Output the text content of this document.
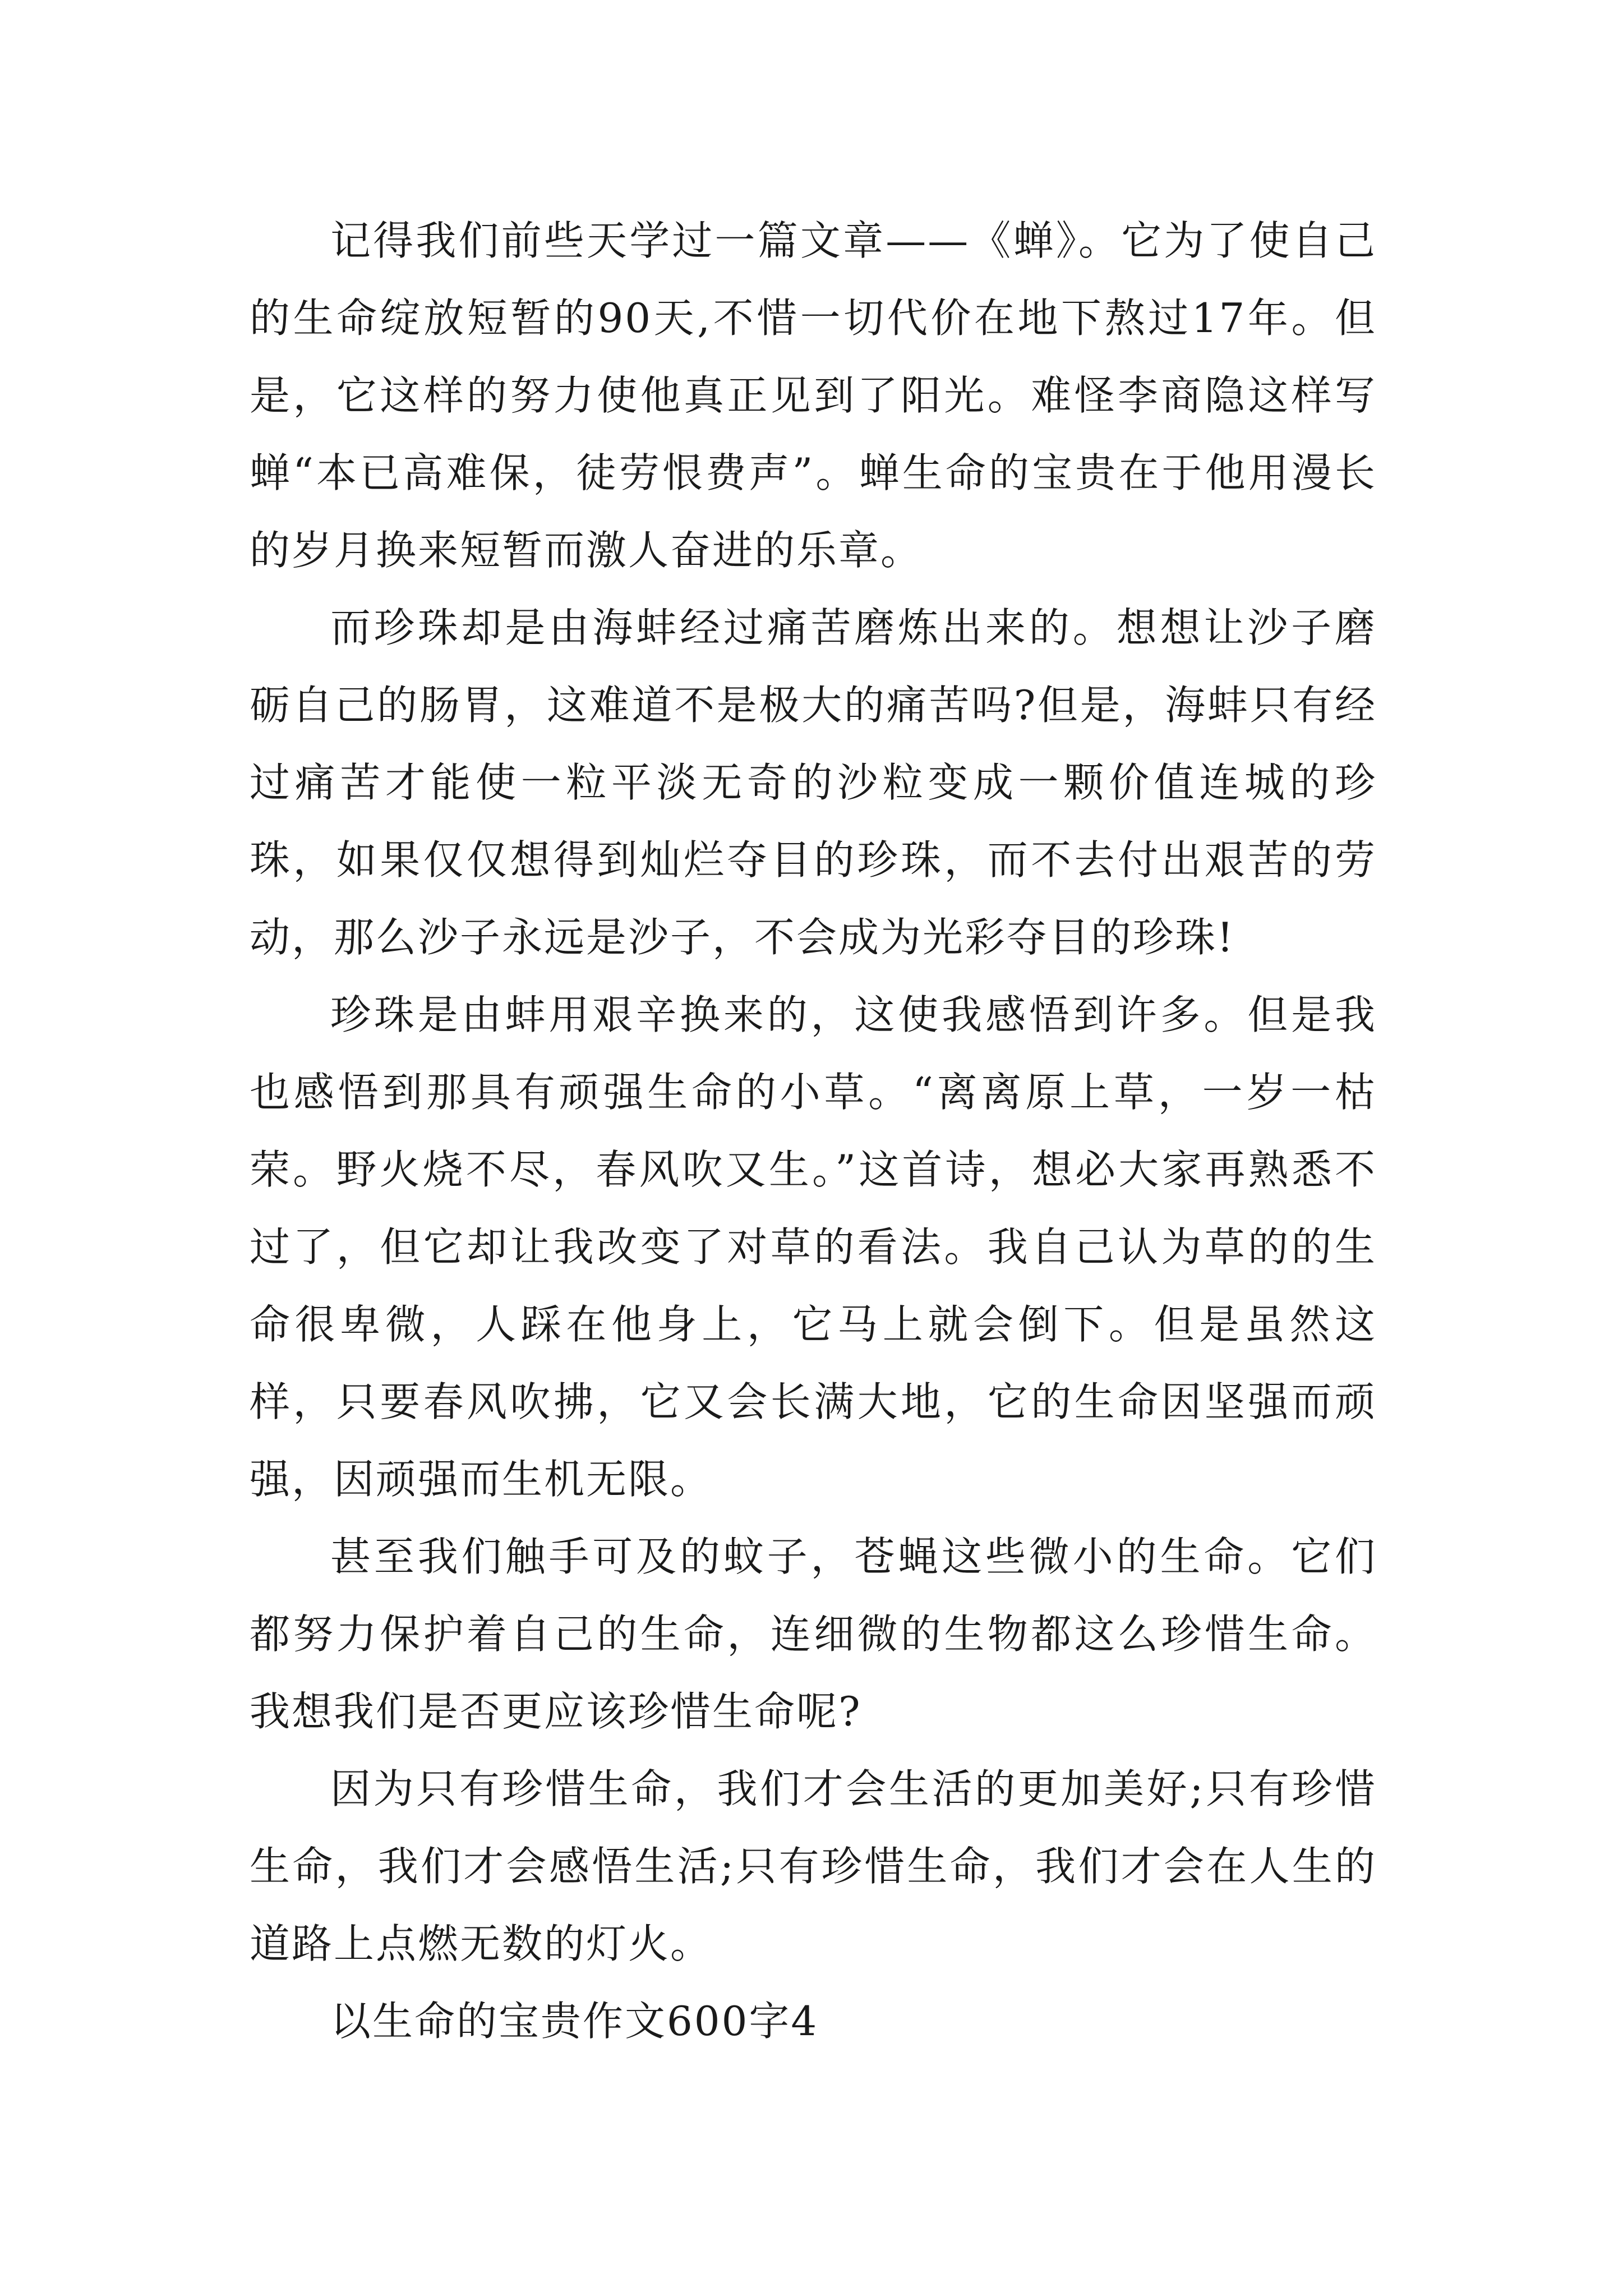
记得我们前些天学过一篇文章——《蝉》。它为了使自己的生命绽放短暂的90天,不惜一切代价在地下熬过17年。但是，它这样的努力使他真正见到了阳光。难怪李商隐这样写蝉“本已高难保，徒劳恨费声”。蝉生命的宝贵在于他用漫长的岁月换来短暂而激人奋进的乐章。

而珍珠却是由海蚌经过痛苦磨炼出来的。想想让沙子磨砺自己的肠胃，这难道不是极大的痛苦吗?但是，海蚌只有经过痛苦才能使一粒平淡无奇的沙粒变成一颗价值连城的珍珠，如果仅仅想得到灿烂夺目的珍珠，而不去付出艰苦的劳动，那么沙子永远是沙子，不会成为光彩夺目的珍珠!

珍珠是由蚌用艰辛换来的，这使我感悟到许多。但是我也感悟到那具有顽强生命的小草。“离离原上草，一岁一枯荣。野火烧不尽，春风吹又生。”这首诗，想必大家再熟悉不过了，但它却让我改变了对草的看法。我自己认为草的的生命很卑微，人踩在他身上，它马上就会倒下。但是虽然这样，只要春风吹拂，它又会长满大地，它的生命因坚强而顽强，因顽强而生机无限。

甚至我们触手可及的蚊子，苍蝇这些微小的生命。它们都努力保护着自己的生命，连细微的生物都这么珍惜生命。我想我们是否更应该珍惜生命呢?

因为只有珍惜生命，我们才会生活的更加美好;只有珍惜生命，我们才会感悟生活;只有珍惜生命，我们才会在人生的道路上点燃无数的灯火。

以生命的宝贵作文600字4
